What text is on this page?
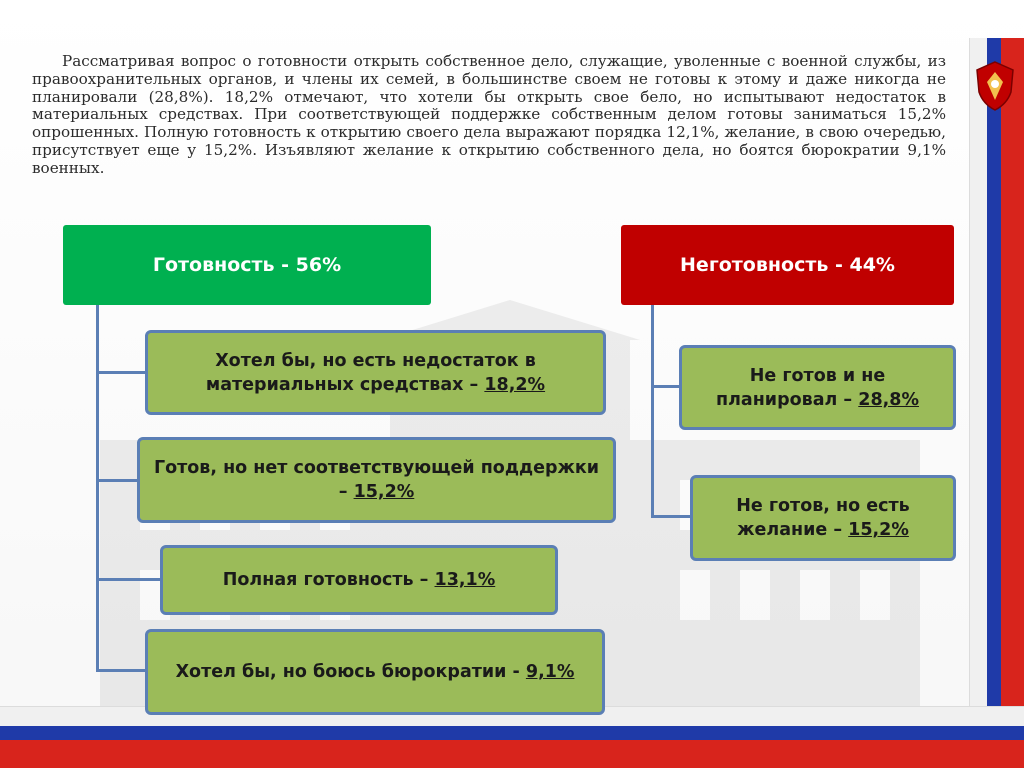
Рассматривая вопрос о готовности открыть собственное дело, служащие, уволенные с военной службы, из правоохранительных органов, и члены их семей, в большинстве своем не готовы к этому и даже никогда не планировали (28,8%). 18,2% отмечают, что хотели бы открыть свое бело, но испытывают недостаток в материальных средствах. При соответствующей поддержке собственным делом готовы заниматься 15,2% опрошенных. Полную готовность к открытию своего дела выражают порядка 12,1%, желание, в свою очередью, присутствует еще у 15,2%. Изъявляют желание к открытию собственного дела, но боятся бюрократии 9,1% военных.

Готовность - 56%	Неготовность - 44%
Хотел бы, но есть недостаток в материальных средствах – 18,2%
Готов, но нет соответствующей поддержки – 15,2%
Полная готовность – 13,1%
Хотел бы, но боюсь бюрократии - 9,1%
Не готов и не планировал – 28,8%
Не готов, но есть желание – 15,2%
